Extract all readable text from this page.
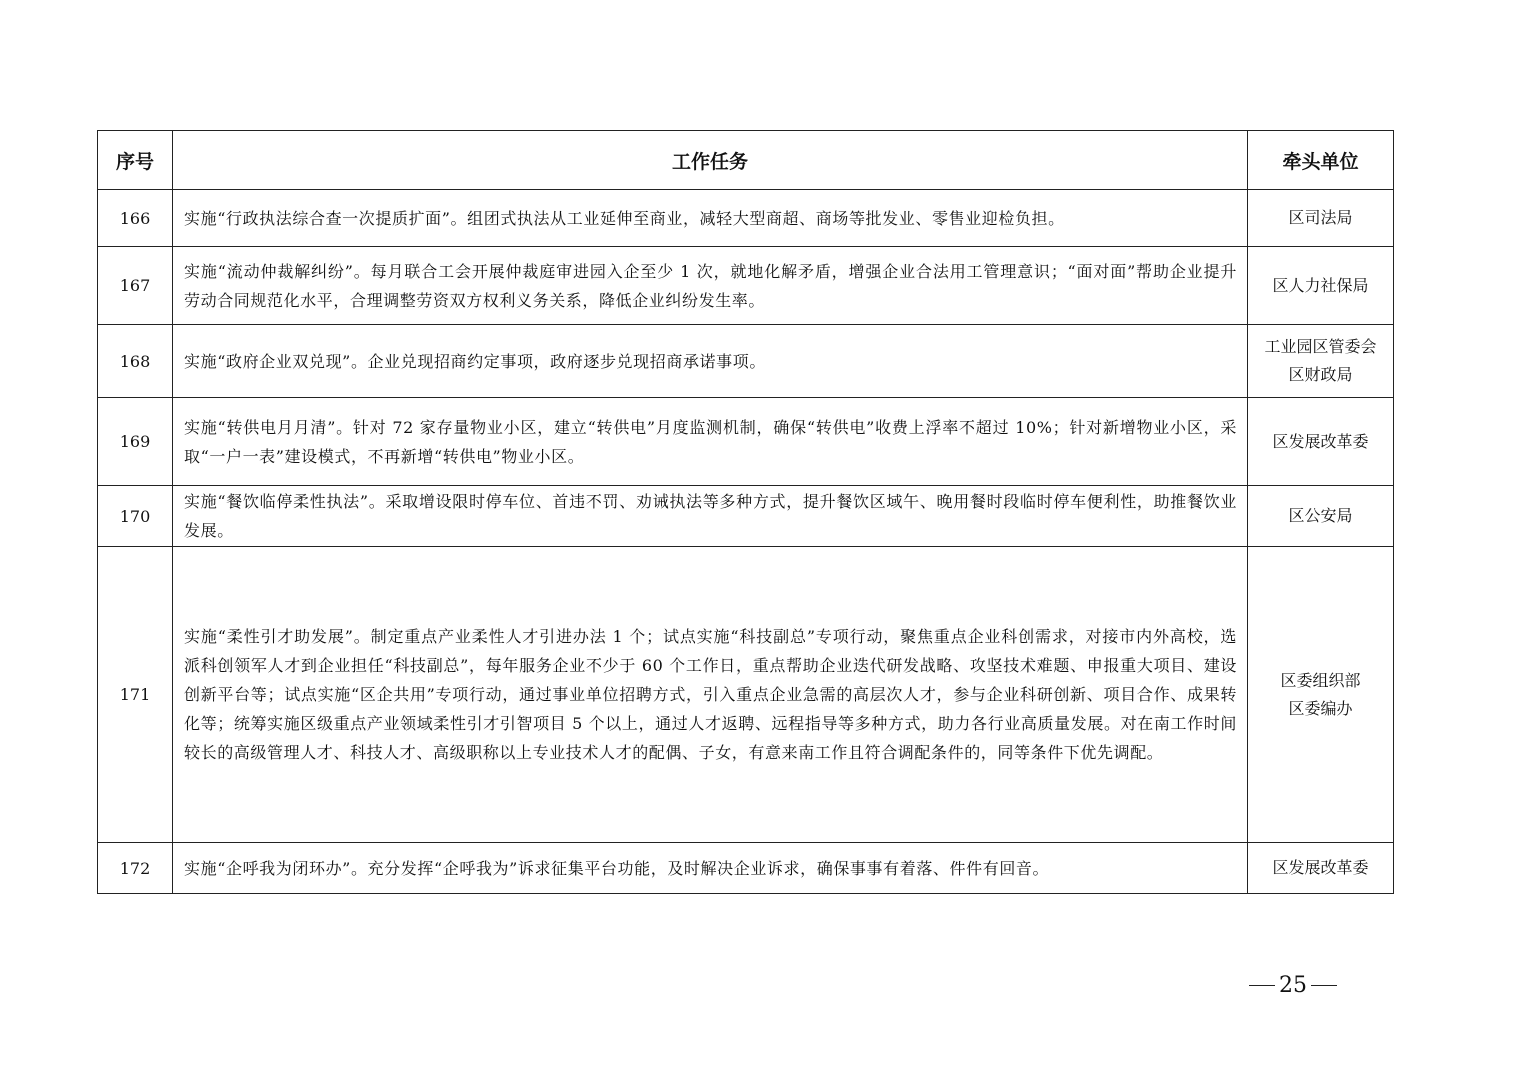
序号	工作任务	牵头单位
166	实施“行政执法综合查一次提质扩面”。组团式执法从工业延伸至商业，减轻大型商超、商场等批发业、零售业迎检负担。	区司法局

167	实施“流动仲裁解纠纷”。每月联合工会开展仲裁庭审进园入企至少 1 次，就地化解矛盾，增强企业合法用工管理意识；“面对面”帮助企业提升劳动合同规范化水平，合理调整劳资双方权利义务关系，降低企业纠纷发生率。	区人力社保局

168	实施“政府企业双兑现”。企业兑现招商约定事项，政府逐步兑现招商承诺事项。	工业园区管委会
区财政局

169	实施“转供电月月清”。针对 72 家存量物业小区，建立“转供电”月度监测机制，确保“转供电”收费上浮率不超过 10%；针对新增物业小区，采取“一户一表”建设模式，不再新增“转供电”物业小区。	区发展改革委

170	实施“餐饮临停柔性执法”。采取增设限时停车位、首违不罚、劝诫执法等多种方式，提升餐饮区域午、晚用餐时段临时停车便利性，助推餐饮业发展。	区公安局

171	实施“柔性引才助发展”。制定重点产业柔性人才引进办法 1 个；试点实施“科技副总”专项行动，聚焦重点企业科创需求，对接市内外高校，选派科创领军人才到企业担任“科技副总”，每年服务企业不少于 60 个工作日，重点帮助企业迭代研发战略、攻坚技术难题、申报重大项目、建设创新平台等；试点实施“区企共用”专项行动，通过事业单位招聘方式，引入重点企业急需的高层次人才，参与企业科研创新、项目合作、成果转化等；统筹实施区级重点产业领域柔性引才引智项目 5 个以上，通过人才返聘、远程指导等多种方式，助力各行业高质量发展。对在南工作时间较长的高级管理人才、科技人才、高级职称以上专业技术人才的配偶、子女，有意来南工作且符合调配条件的，同等条件下优先调配。	区委组织部
区委编办

172	实施“企呼我为闭环办”。充分发挥“企呼我为”诉求征集平台功能，及时解决企业诉求，确保事事有着落、件件有回音。	区发展改革委
25
